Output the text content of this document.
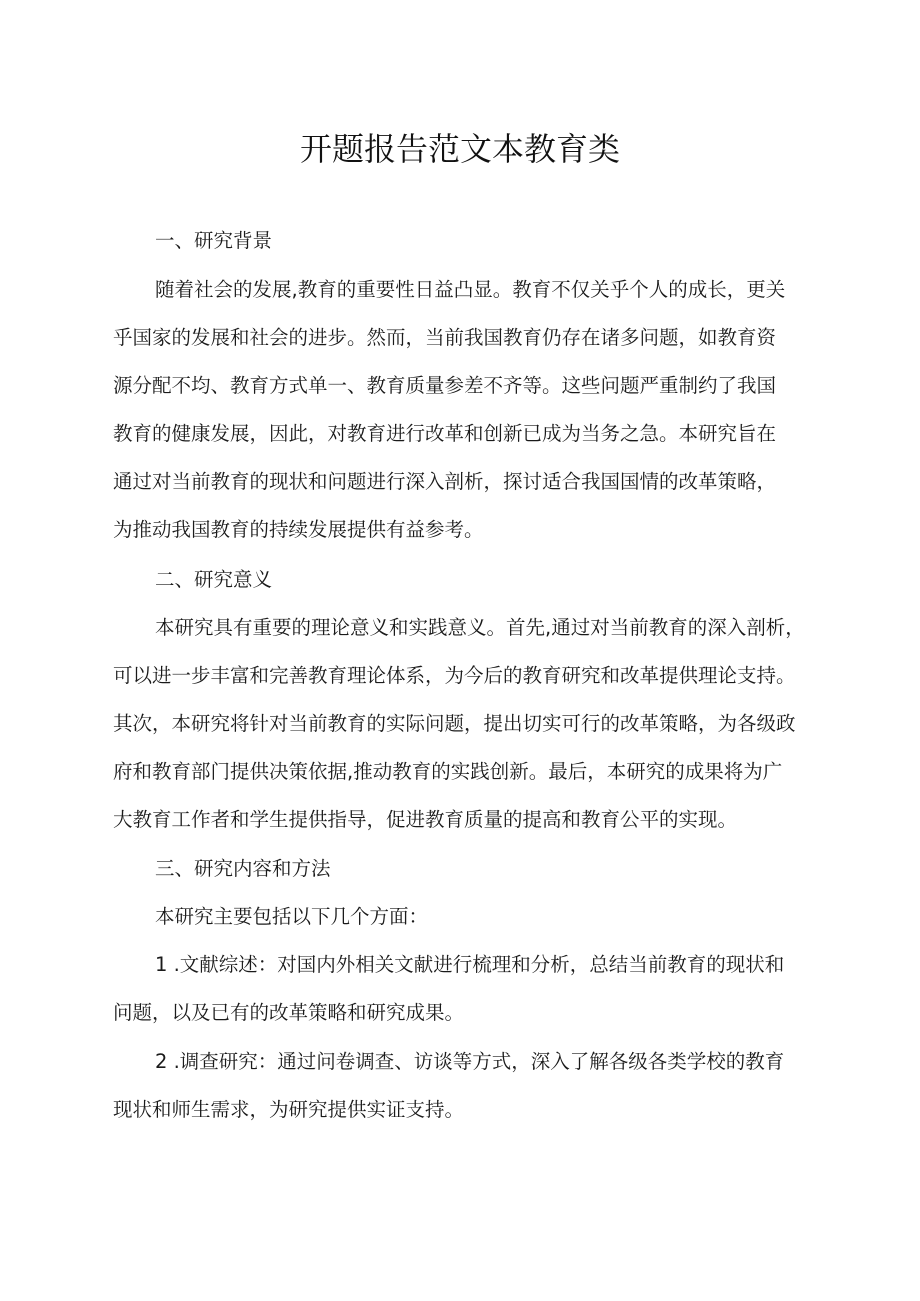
开题报告范文本教育类
一、研究背景
随着社会的发展,教育的重要性日益凸显。教育不仅关乎个人的成长，更关
乎国家的发展和社会的进步。然而，当前我国教育仍存在诸多问题，如教育资
源分配不均、教育方式单一、教育质量参差不齐等。这些问题严重制约了我国
教育的健康发展，因此，对教育进行改革和创新已成为当务之急。本研究旨在
通过对当前教育的现状和问题进行深入剖析，探讨适合我国国情的改革策略，
为推动我国教育的持续发展提供有益参考。
二、研究意义
本研究具有重要的理论意义和实践意义。首先,通过对当前教育的深入剖析，
可以进一步丰富和完善教育理论体系，为今后的教育研究和改革提供理论支持。
其次，本研究将针对当前教育的实际问题，提出切实可行的改革策略，为各级政
府和教育部门提供决策依据,推动教育的实践创新。最后，本研究的成果将为广
大教育工作者和学生提供指导，促进教育质量的提高和教育公平的实现。
三、研究内容和方法
本研究主要包括以下几个方面：
1 .文献综述：对国内外相关文献进行梳理和分析，总结当前教育的现状和
问题，以及已有的改革策略和研究成果。
2 .调查研究：通过问卷调查、访谈等方式，深入了解各级各类学校的教育
现状和师生需求，为研究提供实证支持。
